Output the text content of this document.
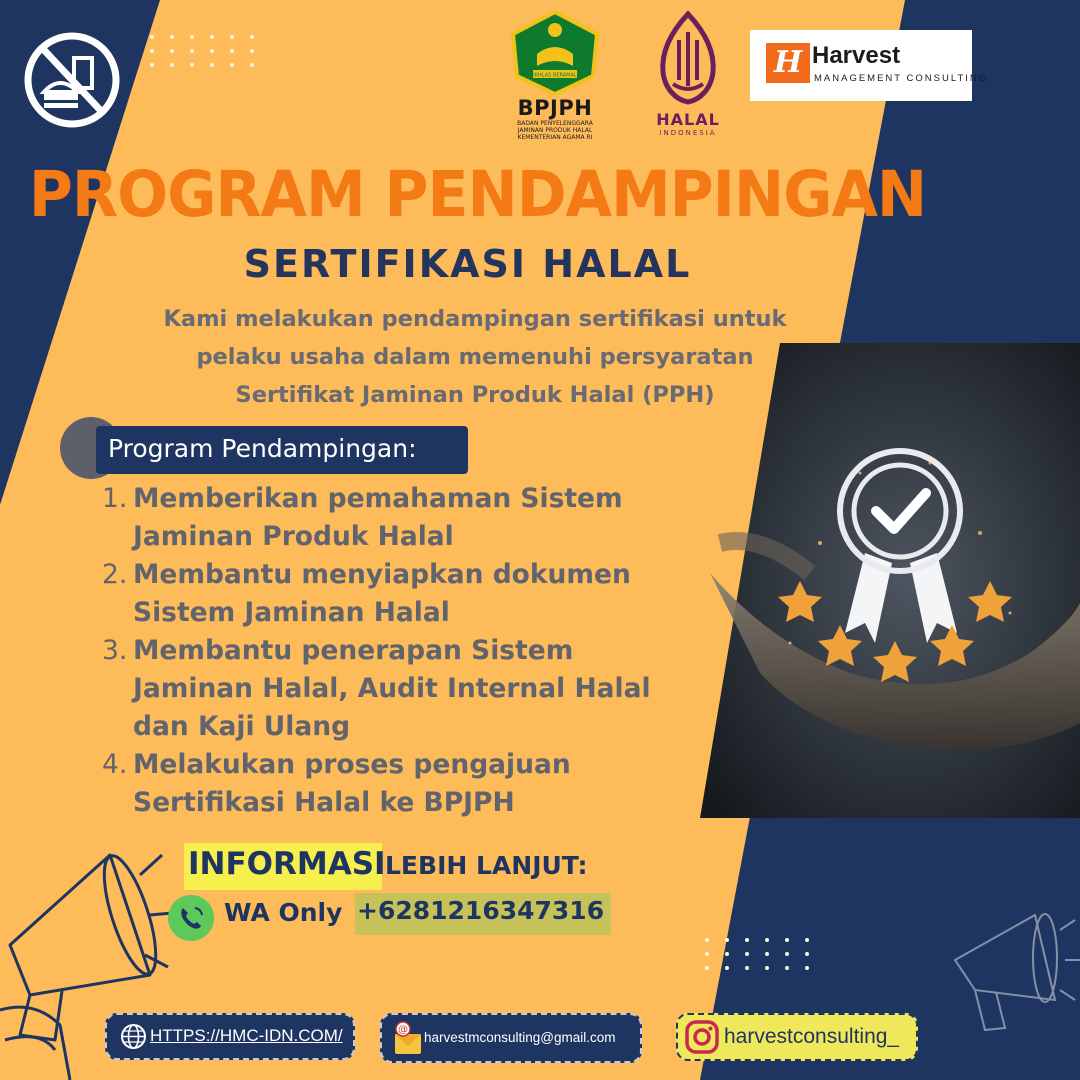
IKHLAS BERAMAL
BPJPH
BADAN PENYELENGGARA
JAMINAN PRODUK HALAL
KEMENTERIAN AGAMA RI
HALAL
INDONESIA
H Harvest
MANAGEMENT CONSULTING
PROGRAM PENDAMPINGAN
SERTIFIKASI HALAL
Kami melakukan pendampingan sertifikasi untuk
pelaku usaha dalam memenuhi persyaratan
Sertifikat Jaminan Produk Halal (PPH)
Program Pendampingan:
1. Memberikan pemahaman Sistem
Jaminan Produk Halal
2. Membantu menyiapkan dokumen
Sistem Jaminan Halal
3. Membantu penerapan Sistem
Jaminan Halal, Audit Internal Halal
dan Kaji Ulang
4. Melakukan proses pengajuan
Sertifikasi Halal ke BPJPH
INFORMASI LEBIH LANJUT:
WA Only +6281216347316
HTTPS://HMC-IDN.COM/	@ harvestmconsulting@gmail.com	harvestconsulting_
